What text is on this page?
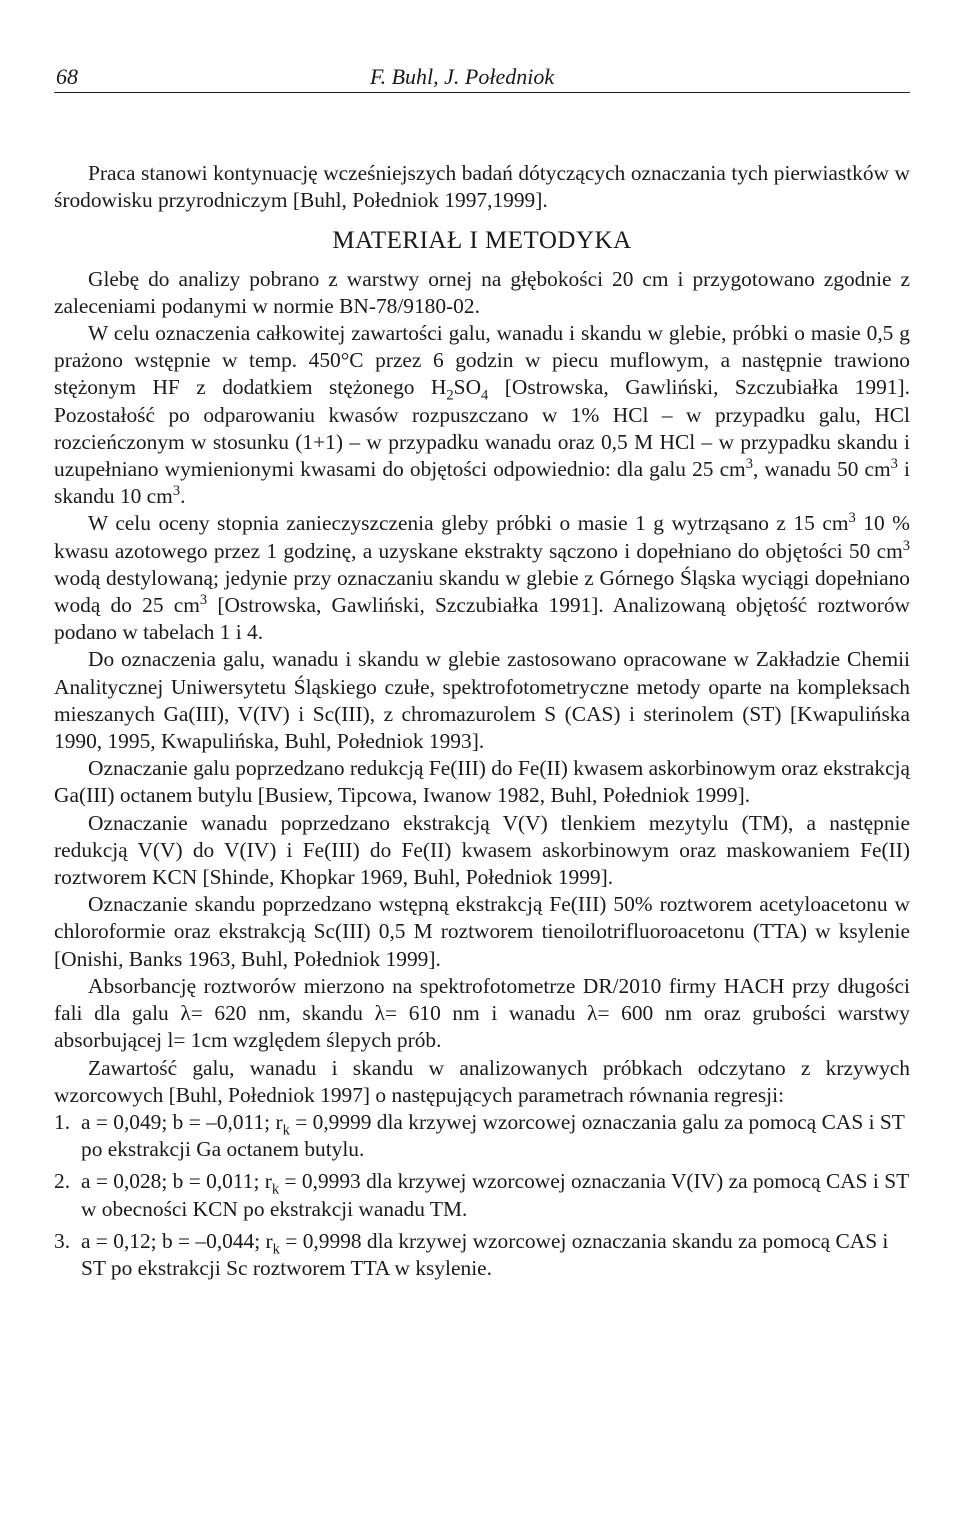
68	F. Buhl, J. Połedniok

Praca stanowi kontynuację wcześniejszych badań dótyczących oznaczania tych pierwiastków w środowisku przyrodniczym [Buhl, Połedniok 1997,1999].

MATERIAŁ I METODYKA

Glebę do analizy pobrano z warstwy ornej na głębokości 20 cm i przygotowano zgodnie z zaleceniami podanymi w normie BN-78/9180-02.

W celu oznaczenia całkowitej zawartości galu, wanadu i skandu w glebie, próbki o masie 0,5 g prażono wstępnie w temp. 450°C przez 6 godzin w piecu muflowym, a następnie trawiono stężonym HF z dodatkiem stężonego $H_2SO_4$ [Ostrowska, Gawliński, Szczubiałka 1991]. Pozostałość po odparowaniu kwasów rozpuszczano w 1% HCl – w przypadku galu, HCl rozcieńczonym w stosunku (1+1) – w przypadku wanadu oraz 0,5 M HCl – w przypadku skandu i uzupełniano wymienionymi kwasami do objętości odpowiednio: dla galu 25 $cm^3$, wanadu 50 $cm^3$ i skandu 10 $cm^3$.

W celu oceny stopnia zanieczyszczenia gleby próbki o masie 1 g wytrząsano z 15 $cm^3$ 10 % kwasu azotowego przez 1 godzinę, a uzyskane ekstrakty sączono i dopełniano do objętości 50 $cm^3$ wodą destylowaną; jedynie przy oznaczaniu skandu w glebie z Górnego Śląska wyciągi dopełniano wodą do 25 $cm^3$ [Ostrowska, Gawliński, Szczubiałka 1991]. Analizowaną objętość roztworów podano w tabelach 1 i 4.

Do oznaczenia galu, wanadu i skandu w glebie zastosowano opracowane w Zakładzie Chemii Analitycznej Uniwersytetu Śląskiego czułe, spektrofotometryczne metody oparte na kompleksach mieszanych Ga(III), V(IV) i Sc(III), z chromazurolem S (CAS) i sterinolem (ST) [Kwapulińska 1990, 1995, Kwapulińska, Buhl, Połedniok 1993].

Oznaczanie galu poprzedzano redukcją Fe(III) do Fe(II) kwasem askorbinowym oraz ekstrakcją Ga(III) octanem butylu [Busiew, Tipcowa, Iwanow 1982, Buhl, Połedniok 1999].

Oznaczanie wanadu poprzedzano ekstrakcją V(V) tlenkiem mezytylu (TM), a następnie redukcją V(V) do V(IV) i Fe(III) do Fe(II) kwasem askorbinowym oraz maskowaniem Fe(II) roztworem KCN [Shinde, Khopkar 1969, Buhl, Połedniok 1999].

Oznaczanie skandu poprzedzano wstępną ekstrakcją Fe(III) 50% roztworem acetyloacetonu w chloroformie oraz ekstrakcją Sc(III) 0,5 M roztworem tienoilotrifluoroacetonu (TTA) w ksylenie [Onishi, Banks 1963, Buhl, Połedniok 1999].

Absorbancję roztworów mierzono na spektrofotometrze DR/2010 firmy HACH przy długości fali dla galu λ= 620 nm, skandu λ= 610 nm i wanadu λ= 600 nm oraz grubości warstwy absorbującej l= 1cm względem ślepych prób.

Zawartość galu, wanadu i skandu w analizowanych próbkach odczytano z krzywych wzorcowych [Buhl, Połedniok 1997] o następujących parametrach równania regresji:

1. a = 0,049; b = –0,011; $r_k = 0,9999$ dla krzywej wzorcowej oznaczania galu za pomocą CAS i ST po ekstrakcji Ga octanem butylu.
2. a = 0,028; b = 0,011; $r_k = 0,9993$ dla krzywej wzorcowej oznaczania V(IV) za pomocą CAS i ST w obecności KCN po ekstrakcji wanadu TM.
3. a = 0,12; b = –0,044; $r_k = 0,9998$ dla krzywej wzorcowej oznaczania skandu za pomocą CAS i ST po ekstrakcji Sc roztworem TTA w ksylenie.
